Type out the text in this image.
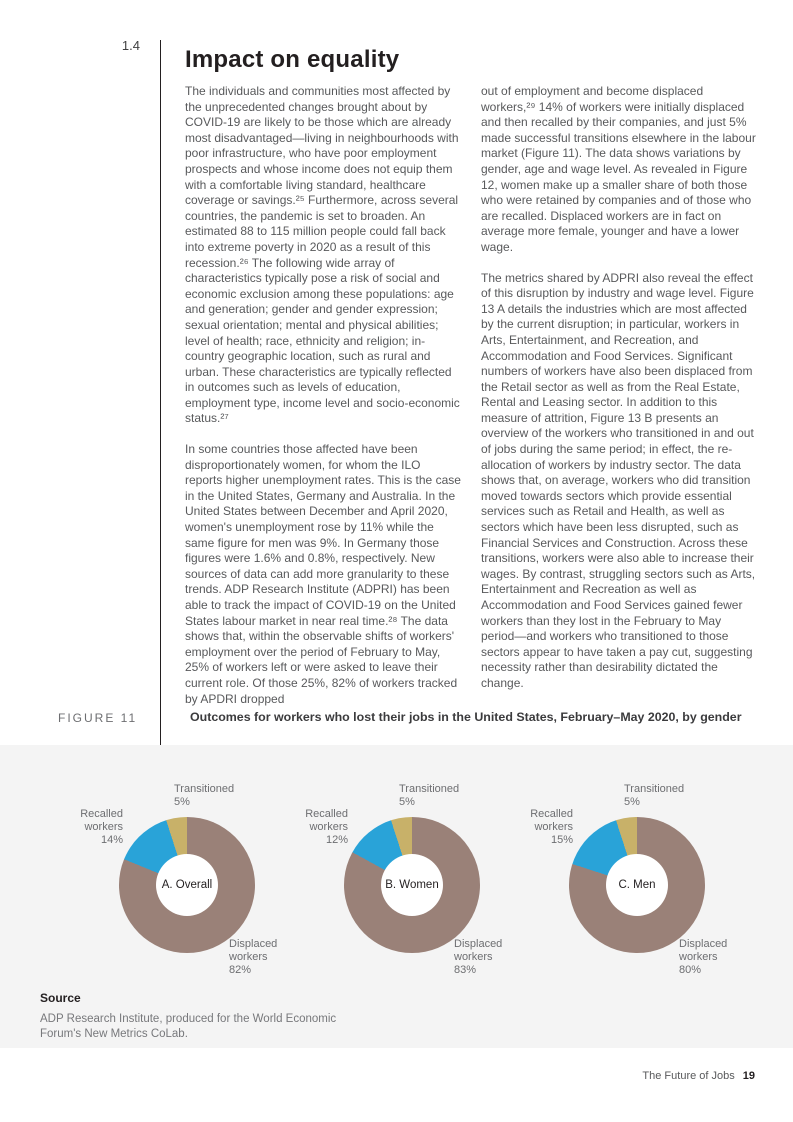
1.4
Impact on equality

The individuals and communities most affected by the unprecedented changes brought about by COVID-19 are likely to be those which are already most disadvantaged—living in neighbourhoods with poor infrastructure, who have poor employment prospects and whose income does not equip them with a comfortable living standard, healthcare coverage or savings.²⁵ Furthermore, across several countries, the pandemic is set to broaden. An estimated 88 to 115 million people could fall back into extreme poverty in 2020 as a result of this recession.²⁶ The following wide array of characteristics typically pose a risk of social and economic exclusion among these populations: age and generation; gender and gender expression; sexual orientation; mental and physical abilities; level of health; race, ethnicity and religion; in-country geographic location, such as rural and urban. These characteristics are typically reflected in outcomes such as levels of education, employment type, income level and socio-economic status.²⁷

In some countries those affected have been disproportionately women, for whom the ILO reports higher unemployment rates. This is the case in the United States, Germany and Australia. In the United States between December and April 2020, women's unemployment rose by 11% while the same figure for men was 9%. In Germany those figures were 1.6% and 0.8%, respectively. New sources of data can add more granularity to these trends. ADP Research Institute (ADPRI) has been able to track the impact of COVID-19 on the United States labour market in near real time.²⁸ The data shows that, within the observable shifts of workers' employment over the period of February to May, 25% of workers left or were asked to leave their current role. Of those 25%, 82% of workers tracked by APDRI dropped

out of employment and become displaced workers,²⁹ 14% of workers were initially displaced and then recalled by their companies, and just 5% made successful transitions elsewhere in the labour market (Figure 11). The data shows variations by gender, age and wage level. As revealed in Figure 12, women make up a smaller share of both those who were retained by companies and of those who are recalled. Displaced workers are in fact on average more female, younger and have a lower wage.

The metrics shared by ADPRI also reveal the effect of this disruption by industry and wage level. Figure 13 A details the industries which are most affected by the current disruption; in particular, workers in Arts, Entertainment, and Recreation, and Accommodation and Food Services. Significant numbers of workers have also been displaced from the Retail sector as well as from the Real Estate, Rental and Leasing sector. In addition to this measure of attrition, Figure 13 B presents an overview of the workers who transitioned in and out of jobs during the same period; in effect, the re-allocation of workers by industry sector. The data shows that, on average, workers who did transition moved towards sectors which provide essential services such as Retail and Health, as well as sectors which have been less disrupted, such as Financial Services and Construction. Across these transitions, workers were also able to increase their wages. By contrast, struggling sectors such as Arts, Entertainment and Recreation as well as Accommodation and Food Services gained fewer workers than they lost in the February to May period—and workers who transitioned to those sectors appear to have taken a pay cut, suggesting necessity rather than desirability dictated the change.

FIGURE 11	Outcomes for workers who lost their jobs in the United States, February–May 2020, by gender
A. Overall
Transitioned
5%
Recalled workers
14%
Displaced workers
82%
B. Women
Transitioned
5%
Recalled workers
12%
Displaced workers
83%
C. Men
Transitioned
5%
Recalled workers
15%
Displaced workers
80%
Source
ADP Research Institute, produced for the World Economic
Forum's New Metrics CoLab.
The Future of Jobs 19
